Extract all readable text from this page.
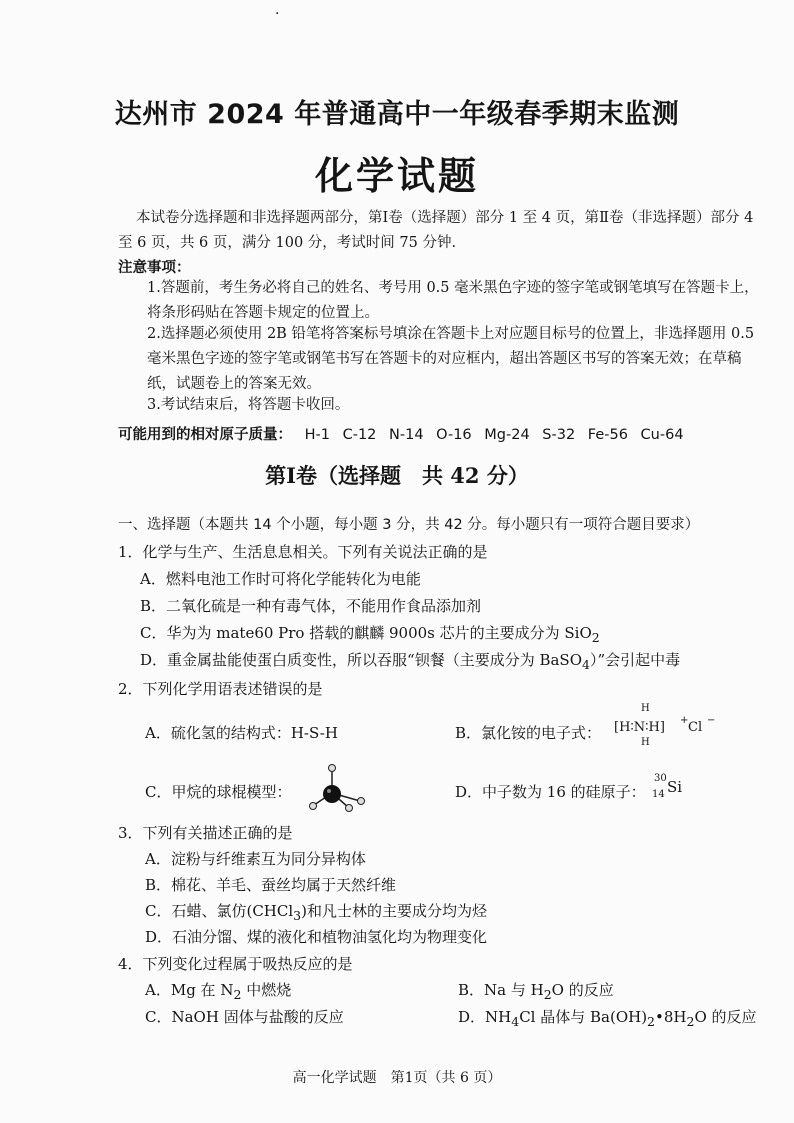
·
达州市 2024 年普通高中一年级春季期末监测
化学试题
本试卷分选择题和非选择题两部分，第Ⅰ卷（选择题）部分 1 至 4 页，第Ⅱ卷（非选择题）部分 4 至 6 页，共 6 页，满分 100 分，考试时间 75 分钟.
注意事项：
1.答题前，考生务必将自己的姓名、考号用 0.5 毫米黑色字迹的签字笔或钢笔填写在答题卡上，将条形码贴在答题卡规定的位置上。
2.选择题必须使用 2B 铅笔将答案标号填涂在答题卡上对应题目标号的位置上，非选择题用 0.5 毫米黑色字迹的签字笔或钢笔书写在答题卡的对应框内，超出答题区书写的答案无效；在草稿纸，试题卷上的答案无效。
3.考试结束后，将答题卡收回。
可能用到的相对原子质量： H-1 C-12 N-14 O-16 Mg-24 S-32 Fe-56 Cu-64
第Ⅰ卷（选择题　共 42 分）
一、选择题（本题共 14 个小题，每小题 3 分，共 42 分。每小题只有一项符合题目要求）
1．化学与生产、生活息息相关。下列有关说法正确的是
A．燃料电池工作时可将化学能转化为电能
B．二氧化硫是一种有毒气体，不能用作食品添加剂
C．华为为 mate60 Pro 搭载的麒麟 9000s 芯片的主要成分为 SiO$_2$
D．重金属盐能使蛋白质变性，所以吞服“钡餐（主要成分为 BaSO$_4$）”会引起中毒
2．下列化学用语表述错误的是
A．硫化氢的结构式：H-S-H	B．氯化铵的电子式：
H
[H∶N∶H] + Cl −
H
C．甲烷的球棍模型：	D．中子数为 16 的硅原子：
30
14 Si
3．下列有关描述正确的是
A．淀粉与纤维素互为同分异构体
B．棉花、羊毛、蚕丝均属于天然纤维
C．石蜡、氯仿(CHCl$_3$)和凡士林的主要成分均为烃
D．石油分馏、煤的液化和植物油氢化均为物理变化
4．下列变化过程属于吸热反应的是
A．Mg 在 $N_2$ 中燃烧	B．Na 与 $H_2O$ 的反应
C．NaOH 固体与盐酸的反应	D．$NH_4Cl$ 晶体与 $Ba(OH)_2•8H_2O$ 的反应
高一化学试题　第1页（共 6 页）
